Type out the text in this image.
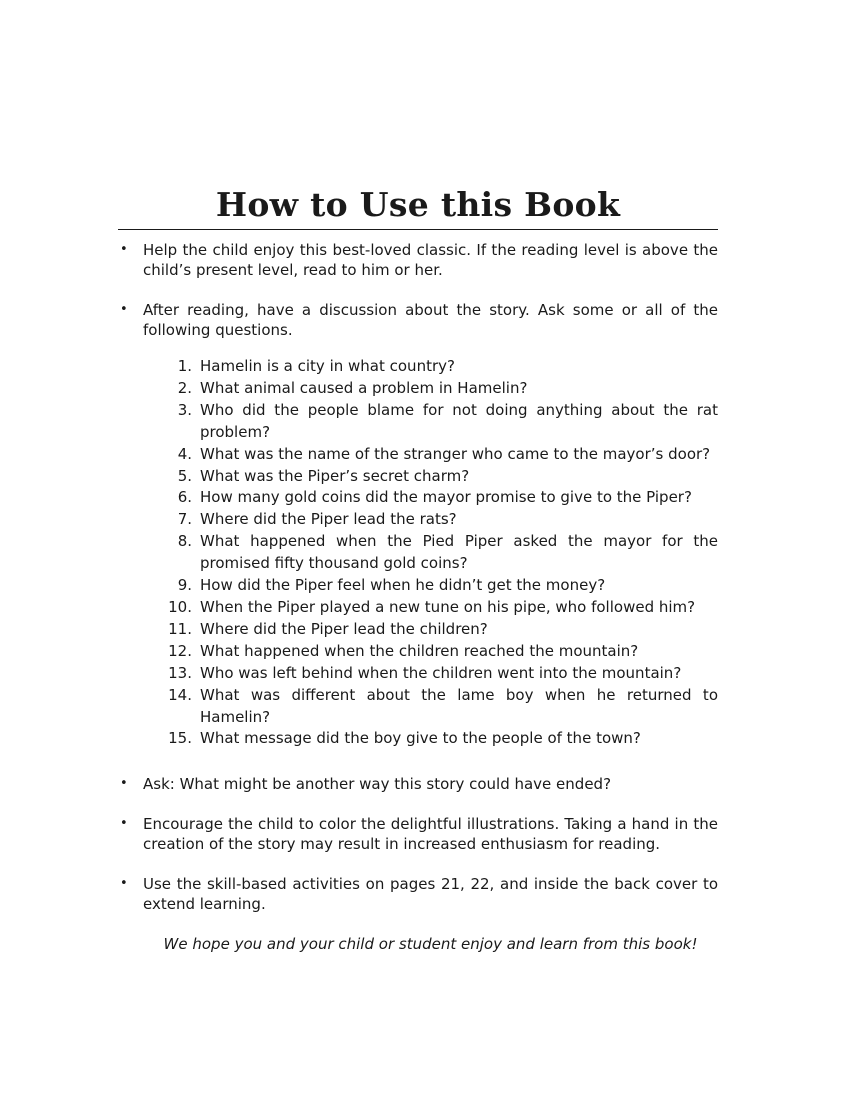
How to Use this Book
• Help the child enjoy this best-loved classic. If the reading level is above the child’s present level, read to him or her.
• After reading, have a discussion about the story. Ask some or all of the following questions.
1. Hamelin is a city in what country?
2. What animal caused a problem in Hamelin?
3. Who did the people blame for not doing anything about the rat problem?
4. What was the name of the stranger who came to the mayor’s door?
5. What was the Piper’s secret charm?
6. How many gold coins did the mayor promise to give to the Piper?
7. Where did the Piper lead the rats?
8. What happened when the Pied Piper asked the mayor for the promised fifty thousand gold coins?
9. How did the Piper feel when he didn’t get the money?
10. When the Piper played a new tune on his pipe, who followed him?
11. Where did the Piper lead the children?
12. What happened when the children reached the mountain?
13. Who was left behind when the children went into the mountain?
14. What was different about the lame boy when he returned to Hamelin?
15. What message did the boy give to the people of the town?
• Ask: What might be another way this story could have ended?
• Encourage the child to color the delightful illustrations. Taking a hand in the creation of the story may result in increased enthusiasm for reading.
• Use the skill-based activities on pages 21, 22, and inside the back cover to extend learning.

We hope you and your child or student enjoy and learn from this book!
